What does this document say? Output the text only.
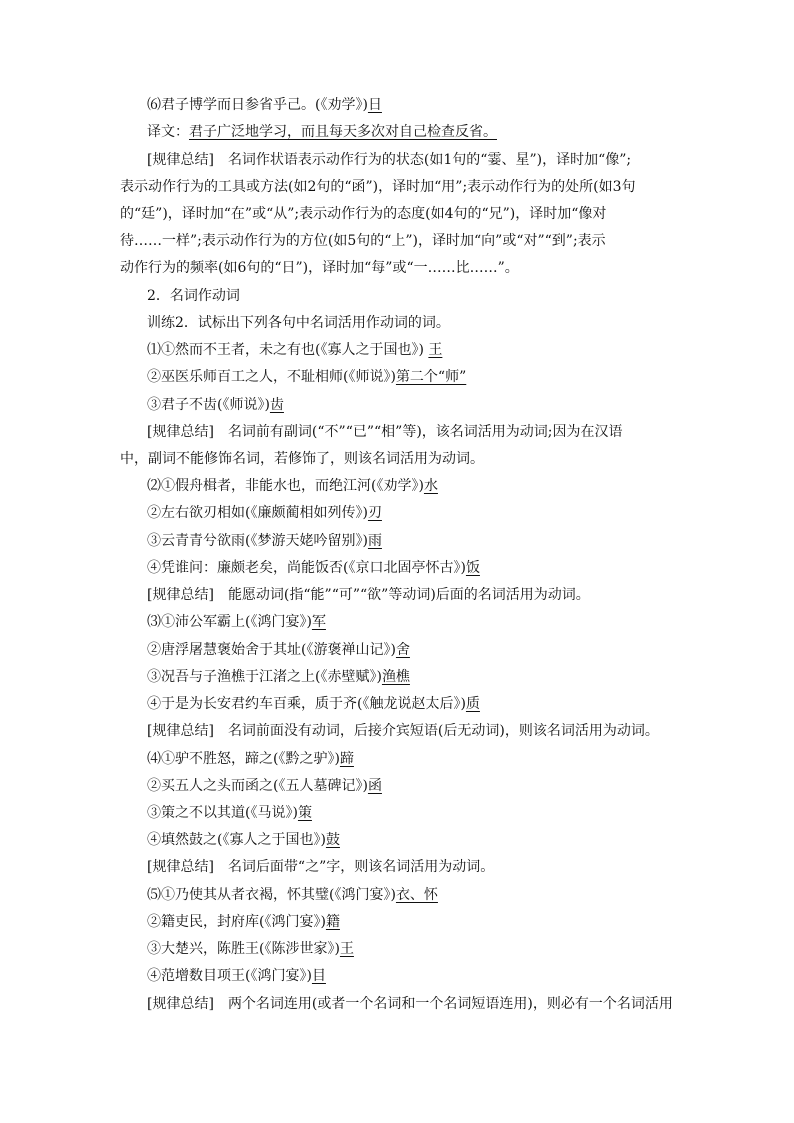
⑹君子博学而日参省乎己。(《劝学》)日
译文：君子广泛地学习，而且每天多次对自己检查反省。
[规律总结] 名词作状语表示动作行为的状态(如1句的“霎、星”)，译时加“像”;
表示动作行为的工具或方法(如2句的“函”)，译时加“用”;表示动作行为的处所(如3句
的“廷”)，译时加“在”或“从”;表示动作行为的态度(如4句的“兄”)，译时加“像对
待……一样”;表示动作行为的方位(如5句的“上”)，译时加“向”或“对”“到”;表示
动作行为的频率(如6句的“日”)，译时加“每”或“一……比……”。
2．名词作动词
训练2．试标出下列各句中名词活用作动词的词。
⑴①然而不王者，未之有也(《寡人之于国也》) 王
②巫医乐师百工之人，不耻相师(《师说》)第二个“师”
③君子不齿(《师说》)齿
[规律总结] 名词前有副词(“不”“已”“相”等)，该名词活用为动词;因为在汉语
中，副词不能修饰名词，若修饰了，则该名词活用为动词。
⑵①假舟楫者，非能水也，而绝江河(《劝学》)水
②左右欲刃相如(《廉颇蔺相如列传》)刃
③云青青兮欲雨(《梦游天姥吟留别》)雨
④凭谁问：廉颇老矣，尚能饭否(《京口北固亭怀古》)饭
[规律总结] 能愿动词(指“能”“可”“欲”等动词)后面的名词活用为动词。
⑶①沛公军霸上(《鸿门宴》)军
②唐浮屠慧褒始舍于其址(《游褒禅山记》)舍
③况吾与子渔樵于江渚之上(《赤壁赋》)渔樵
④于是为长安君约车百乘，质于齐(《触龙说赵太后》)质
[规律总结] 名词前面没有动词，后接介宾短语(后无动词)，则该名词活用为动词。
⑷①驴不胜怒，蹄之(《黔之驴》)蹄
②买五人之头而函之(《五人墓碑记》)函
③策之不以其道(《马说》)策
④填然鼓之(《寡人之于国也》)鼓
[规律总结] 名词后面带“之”字，则该名词活用为动词。
⑸①乃使其从者衣褐，怀其璧(《鸿门宴》)衣、怀
②籍吏民，封府库(《鸿门宴》)籍
③大楚兴，陈胜王(《陈涉世家》)王
④范增数目项王(《鸿门宴》)目
[规律总结] 两个名词连用(或者一个名词和一个名词短语连用)，则必有一个名词活用
